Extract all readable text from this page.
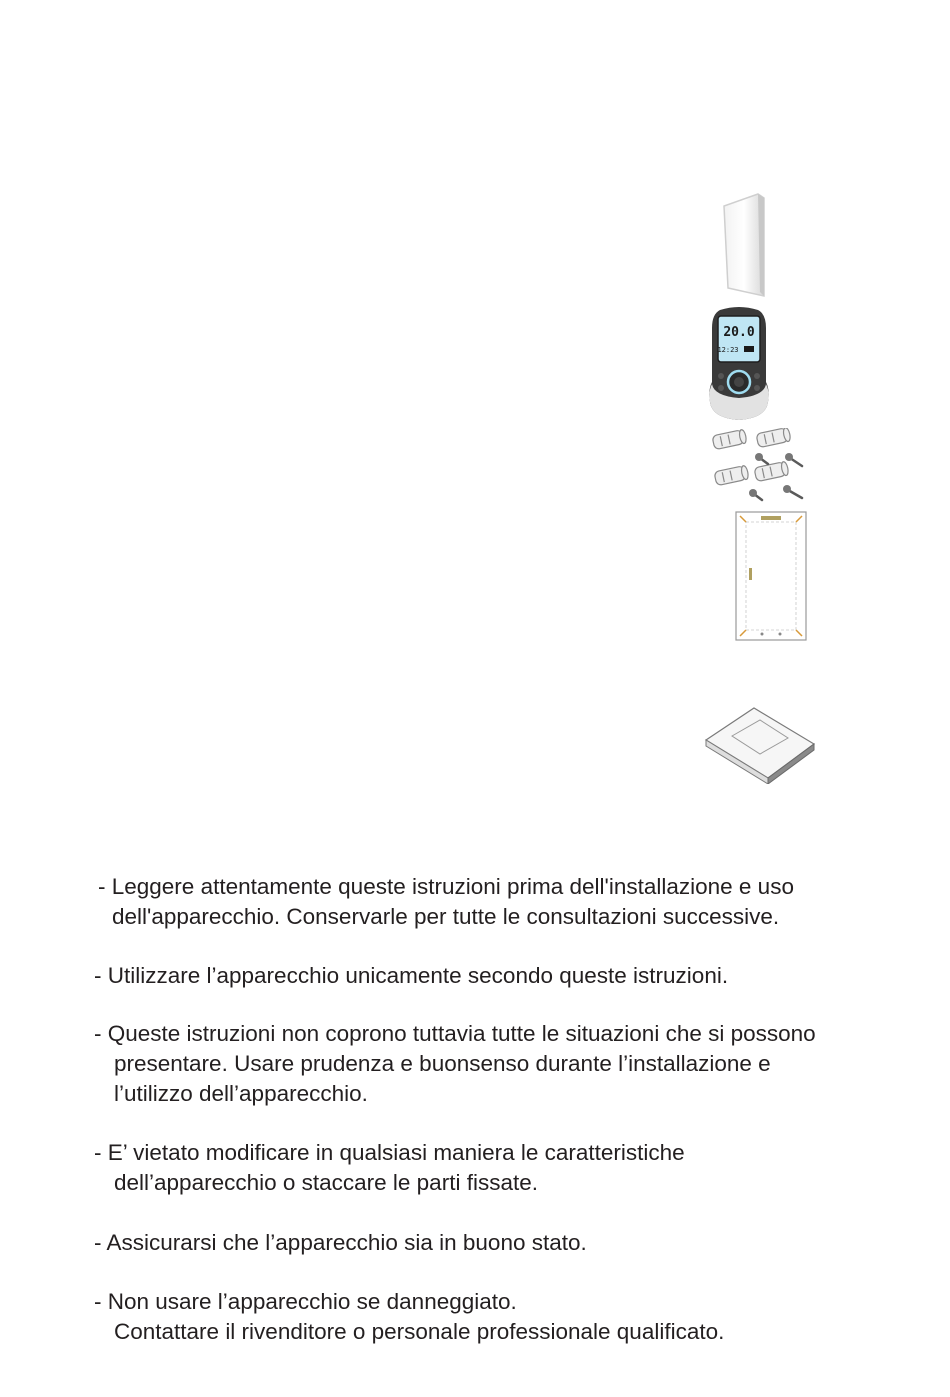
20.0
12:23
- Leggere attentamente queste istruzioni prima dell'installazione e uso
dell'apparecchio. Conservarle per tutte le consultazioni successive.
- Utilizzare l’apparecchio unicamente secondo queste istruzioni.
- Queste istruzioni non coprono tuttavia tutte le situazioni che si possono
presentare. Usare prudenza e buonsenso durante l’installazione e
l’utilizzo dell’apparecchio.
- E’ vietato modificare in qualsiasi maniera le caratteristiche
dell’apparecchio o staccare le parti fissate.
- Assicurarsi che l’apparecchio sia in buono stato.
- Non usare l’apparecchio se danneggiato.
Contattare il rivenditore o personale professionale qualificato.
